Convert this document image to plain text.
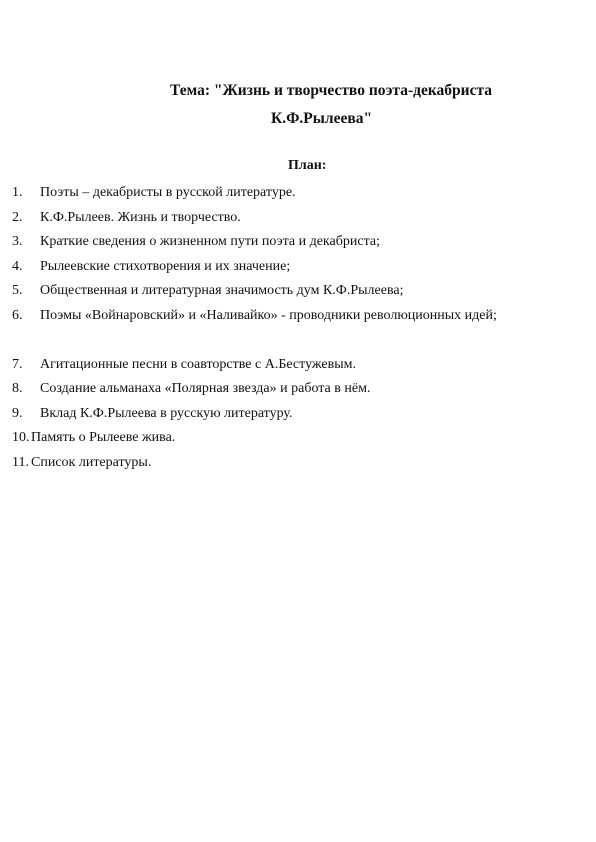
Тема: "Жизнь и творчество поэта-декабриста
К.Ф.Рылеева"
План:
1. Поэты – декабристы в русской литературе.
2. К.Ф.Рылеев. Жизнь и творчество.
3. Краткие сведения о жизненном пути поэта и декабриста;
4. Рылеевские стихотворения и их значение;
5. Общественная и литературная значимость дум К.Ф.Рылеева;
6. Поэмы «Войнаровский» и «Наливайко» - проводники революционных идей;
7. Агитационные песни в соавторстве с А.Бестужевым.
8. Создание альманаха «Полярная звезда» и работа в нём.
9. Вклад К.Ф.Рылеева в русскую литературу.
10. Память о Рылееве жива.
11. Список литературы.
